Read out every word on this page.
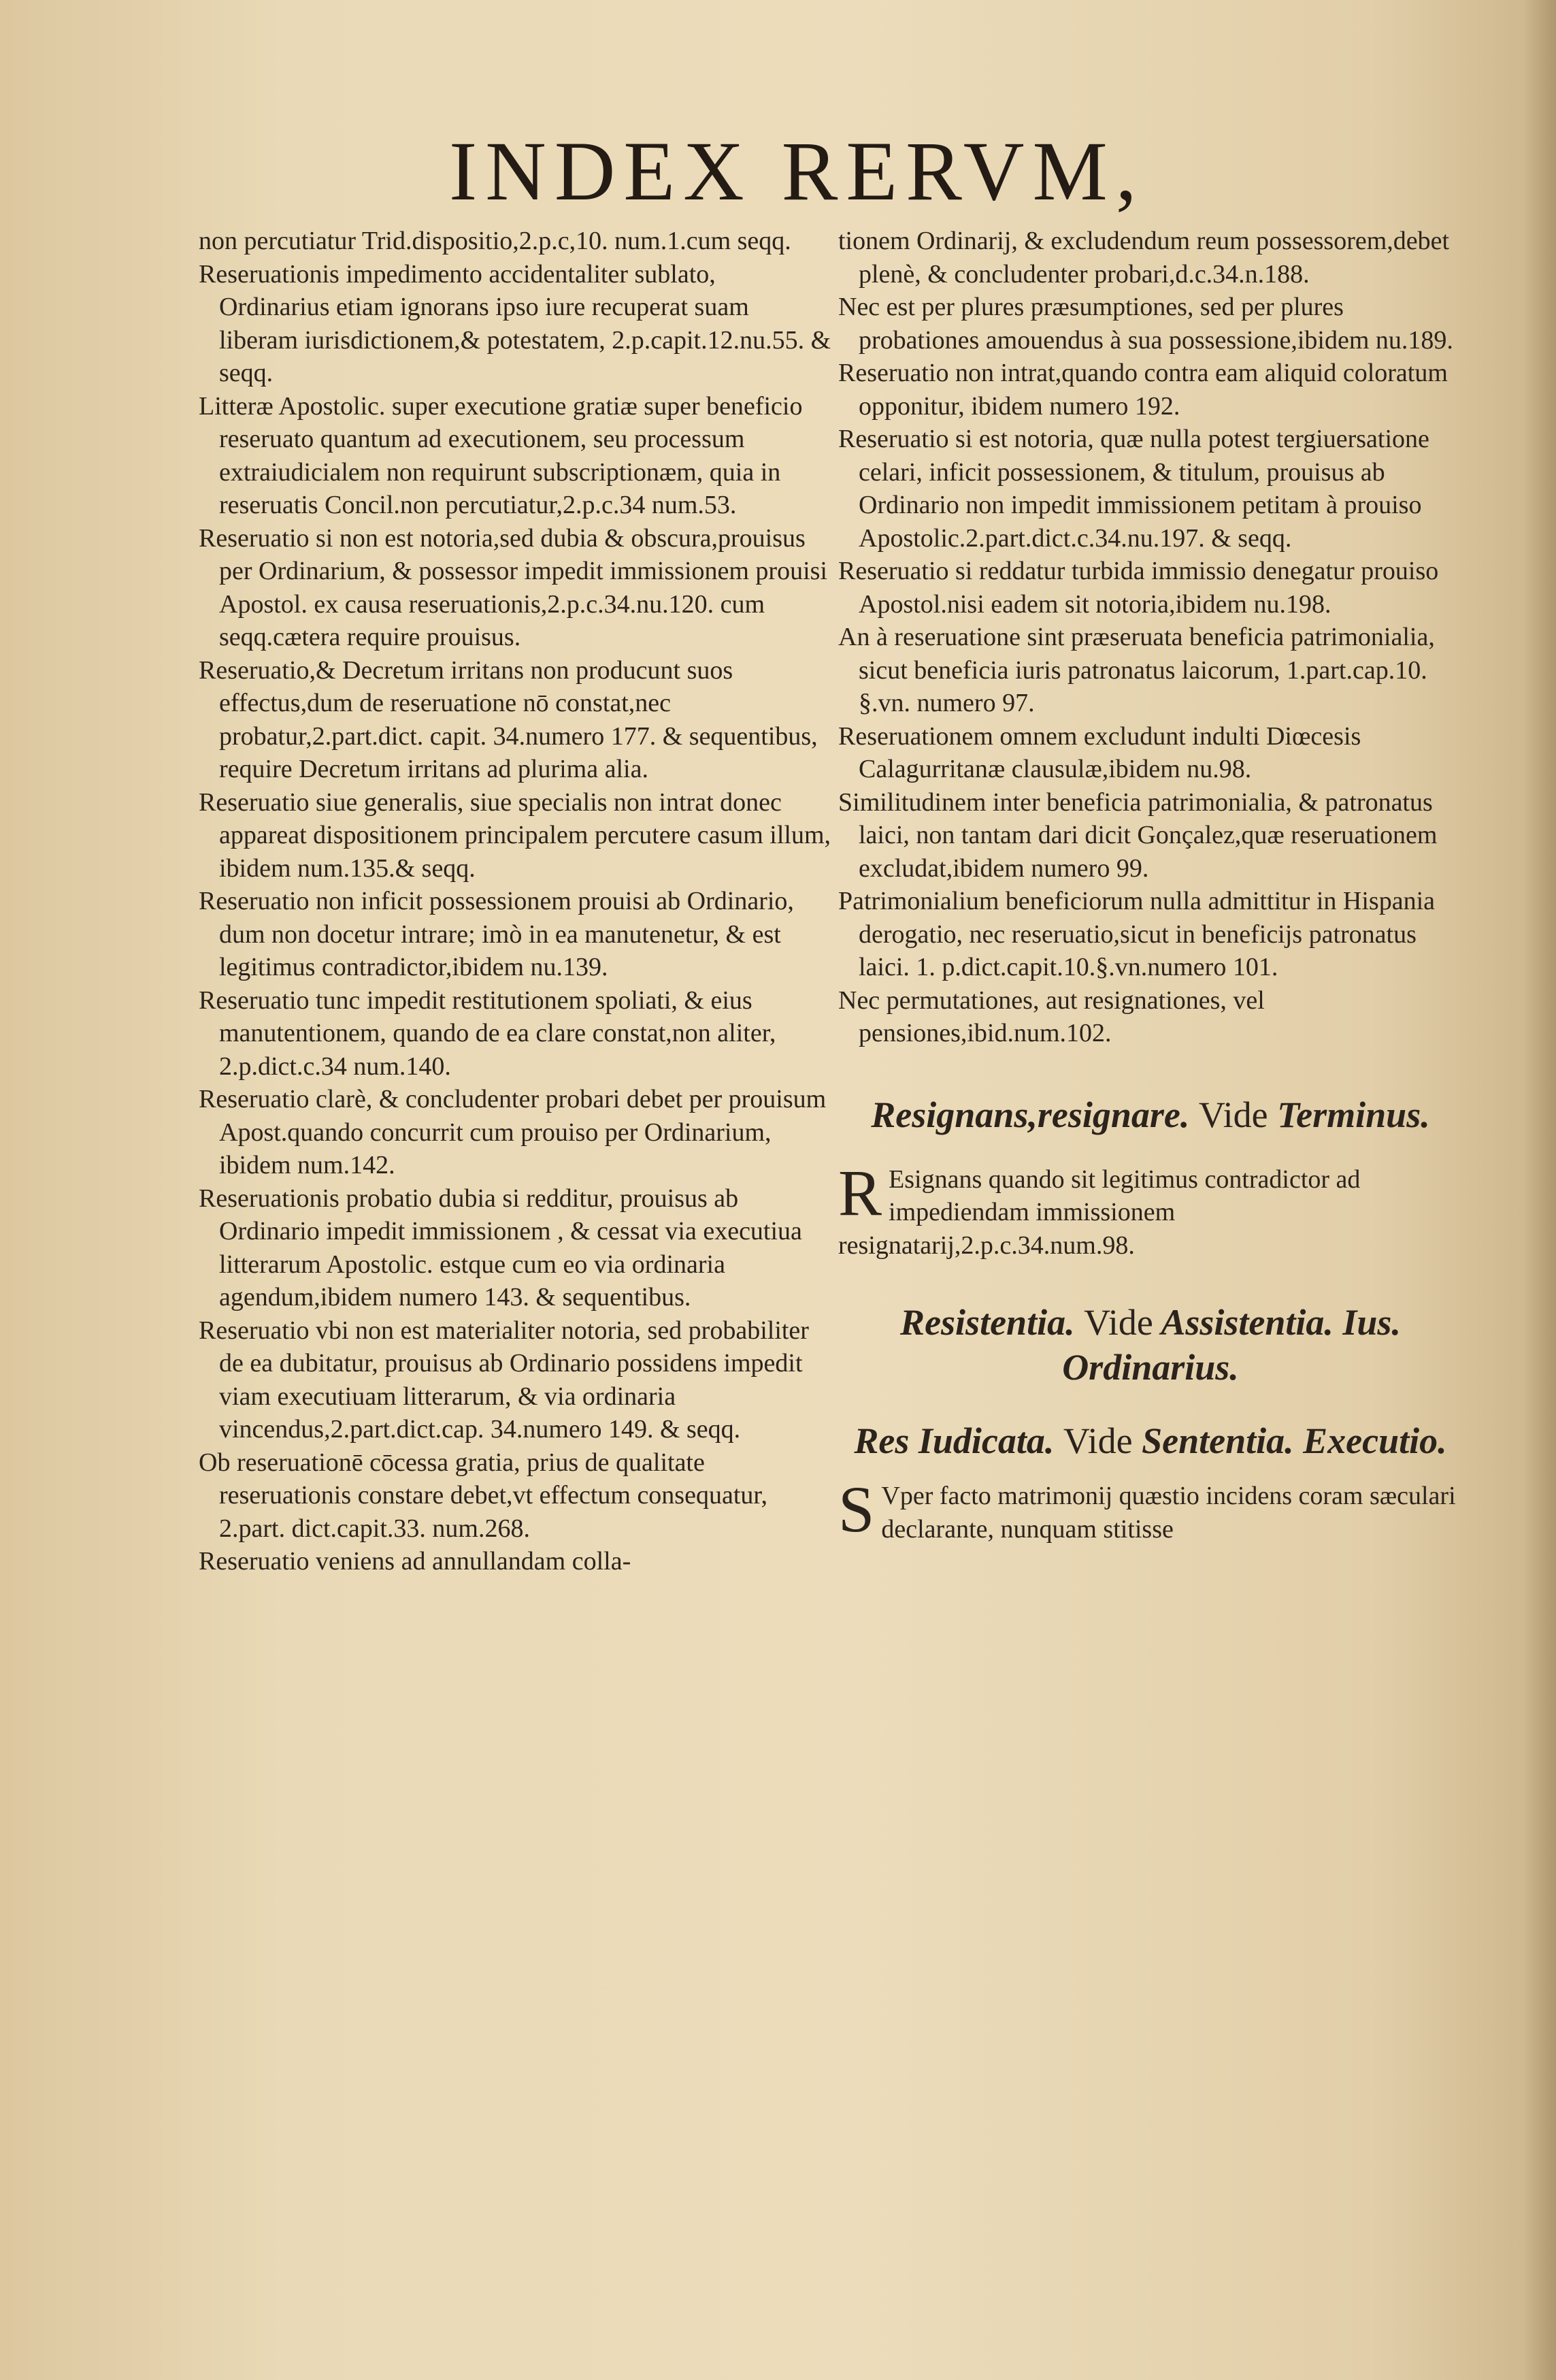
INDEX RERVM,

non percutiatur Trid.dispositio,2.p.c,10. num.1.cum seqq.

Reseruationis impedimento accidentaliter sublato, Ordinarius etiam ignorans ipso iure recuperat suam liberam iurisdictionem,& potestatem, 2.p.capit.12.nu.55. & seqq.

Litteræ Apostolic. super executione gratiæ super beneficio reseruato quantum ad executionem, seu processum extraiudicialem non requirunt subscriptionæm, quia in reseruatis Concil.non percutiatur,2.p.c.34 num.53.

Reseruatio si non est notoria,sed dubia & obscura,prouisus per Ordinarium, & possessor impedit immissionem prouisi Apostol. ex causa reseruationis,2.p.c.34.nu.120. cum seqq.cætera require prouisus.

Reseruatio,& Decretum irritans non producunt suos effectus,dum de reseruatione nō constat,nec probatur,2.part.dict. capit. 34.numero 177. & sequentibus, require Decretum irritans ad plurima alia.

Reseruatio siue generalis, siue specialis non intrat donec appareat dispositionem principalem percutere casum illum, ibidem num.135.& seqq.

Reseruatio non inficit possessionem prouisi ab Ordinario, dum non docetur intrare; imò in ea manutenetur, & est legitimus contradictor,ibidem nu.139.

Reseruatio tunc impedit restitutionem spoliati, & eius manutentionem, quando de ea clare constat,non aliter, 2.p.dict.c.34 num.140.

Reseruatio clarè, & concludenter probari debet per prouisum Apost.quando concurrit cum prouiso per Ordinarium, ibidem num.142.

Reseruationis probatio dubia si redditur, prouisus ab Ordinario impedit immissionem , & cessat via executiua litterarum Apostolic. estque cum eo via ordinaria agendum,ibidem numero 143. & sequentibus.

Reseruatio vbi non est materialiter notoria, sed probabiliter de ea dubitatur, prouisus ab Ordinario possidens impedit viam executiuam litterarum, & via ordinaria vincendus,2.part.dict.cap. 34.numero 149. & seqq.

Ob reseruationē cōcessa gratia, prius de qualitate reseruationis constare debet,vt effectum consequatur, 2.part. dict.capit.33. num.268.

Reseruatio veniens ad annullandam colla-

tionem Ordinarij, & excludendum reum possessorem,debet plenè, & concludenter probari,d.c.34.n.188.

Nec est per plures præsumptiones, sed per plures probationes amouendus à sua possessione,ibidem nu.189.

Reseruatio non intrat,quando contra eam aliquid coloratum opponitur, ibidem numero 192.

Reseruatio si est notoria, quæ nulla potest tergiuersatione celari, inficit possessionem, & titulum, prouisus ab Ordinario non impedit immissionem petitam à prouiso Apostolic.2.part.dict.c.34.nu.197. & seqq.

Reseruatio si reddatur turbida immissio denegatur prouiso Apostol.nisi eadem sit notoria,ibidem nu.198.

An à reseruatione sint præseruata beneficia patrimonialia, sicut beneficia iuris patronatus laicorum, 1.part.cap.10. §.vn. numero 97.

Reseruationem omnem excludunt indulti Diœcesis Calagurritanæ clausulæ,ibidem nu.98.

Similitudinem inter beneficia patrimonialia, & patronatus laici, non tantam dari dicit Gonçalez,quæ reseruationem excludat,ibidem numero 99.

Patrimonialium beneficiorum nulla admittitur in Hispania derogatio, nec reseruatio,sicut in beneficijs patronatus laici. 1. p.dict.capit.10.§.vn.numero 101.

Nec permutationes, aut resignationes, vel pensiones,ibid.num.102.

Resignans,resignare. Vide Terminus.

R Esignans quando sit legitimus contradictor ad impediendam immissionem resignatarij,2.p.c.34.num.98.

Resistentia. Vide Assistentia. Ius. Ordinarius.

Res Iudicata. Vide Sententia. Executio.

S Vper facto matrimonij quæstio incidens coram sæculari declarante, nunquam stitisse
